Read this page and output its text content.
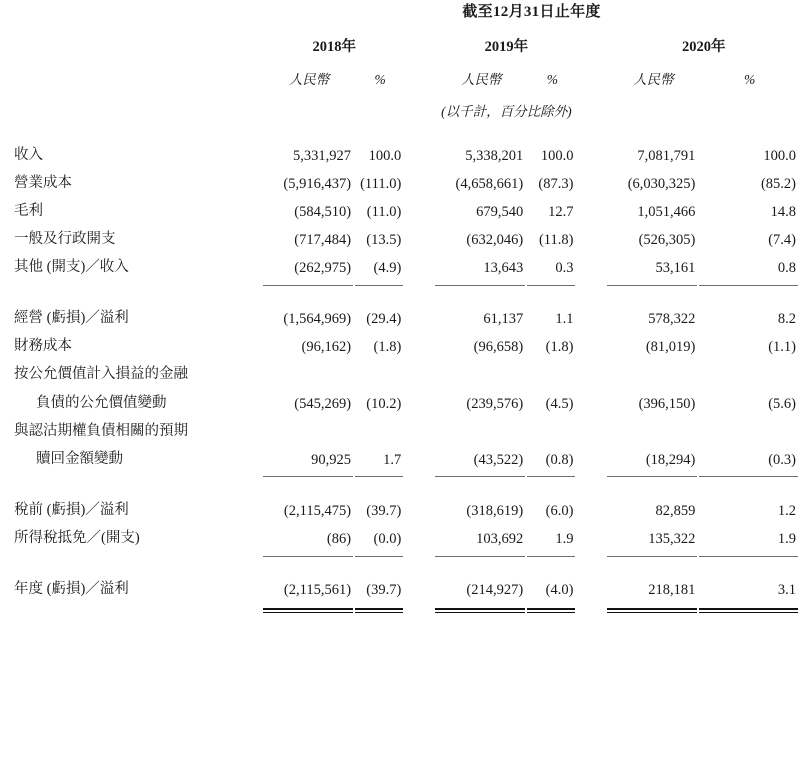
	截至12月31日止年度							

	2018年			2019年			2020年	

	人民幣	%		人民幣	%		人民幣	%

				(以千計，百分比除外)				

收入	5,331,927	100.0		5,338,201	100.0		7,081,791	100.0
營業成本	(5,916,437)	(111.0)		(4,658,661)	(87.3)		(6,030,325)	(85.2)
毛利	(584,510)	(11.0)		679,540	12.7		1,051,466	14.8
一般及行政開支	(717,484)	(13.5)		(632,046)	(11.8)		(526,305)	(7.4)
其他 (開支)／收入	(262,975)	(4.9)		13,643	0.3		53,161	0.8

經營 (虧損)／溢利	(1,564,969)	(29.4)		61,137	1.1		578,322	8.2
財務成本	(96,162)	(1.8)		(96,658)	(1.8)		(81,019)	(1.1)
按公允價值計入損益的金融								
負債的公允價值變動	(545,269)	(10.2)		(239,576)	(4.5)		(396,150)	(5.6)
與認沽期權負債相關的預期								
贖回金額變動	90,925	1.7		(43,522)	(0.8)		(18,294)	(0.3)

稅前 (虧損)／溢利	(2,115,475)	(39.7)		(318,619)	(6.0)		82,859	1.2
所得稅抵免／(開支)	(86)	(0.0)		103,692	1.9		135,322	1.9

年度 (虧損)／溢利	(2,115,561)	(39.7)		(214,927)	(4.0)		218,181	3.1
